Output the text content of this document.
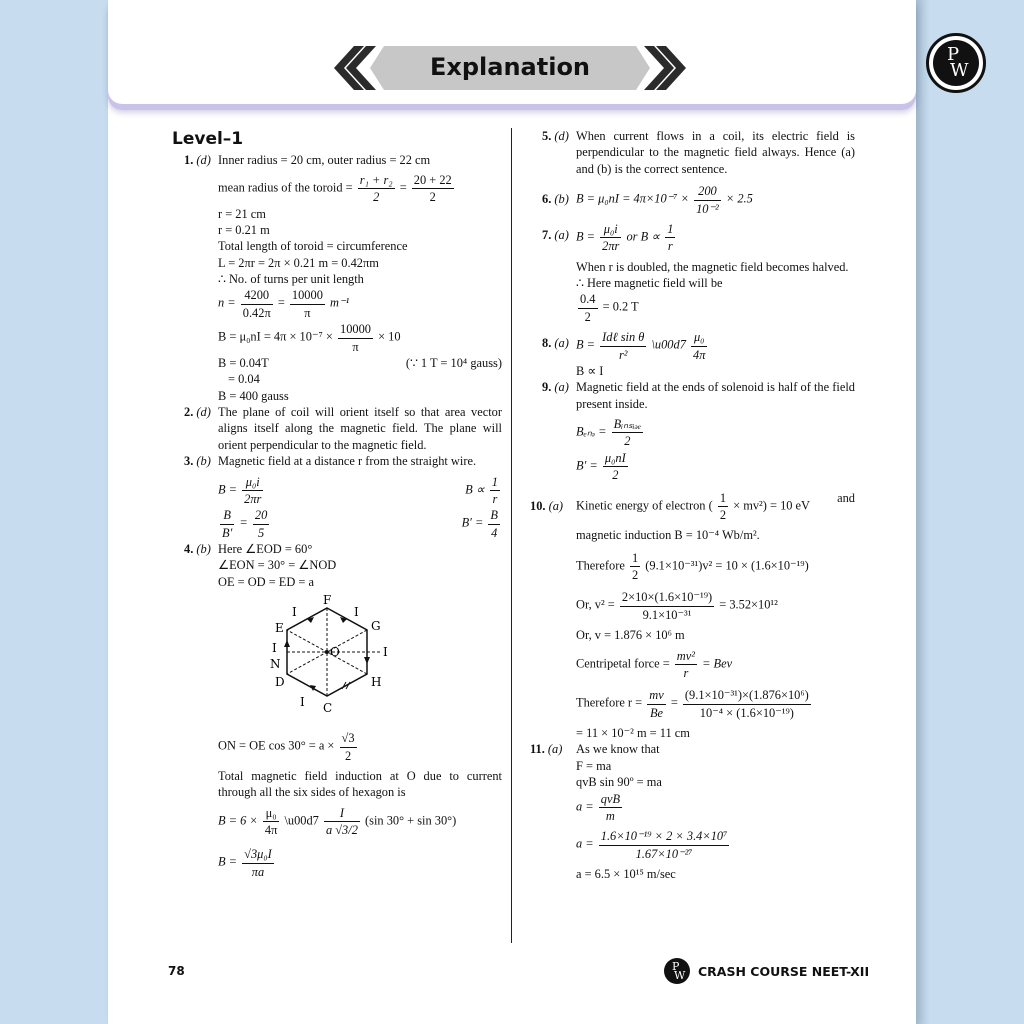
Explanation	P
W
Level–1
1. (d) Inner radius = 20 cm, outer radius = 22 cm
mean radius of the toroid = $\frac{\text{r₁ + r₂}}{2} = \frac{20 + 22}{2}$
r = 21 cm
r = 0.21 m
Total length of toroid = circumference
L = 2πr = 2π × 0.21 m = 0.42πm
∴ No. of turns per unit length
$n = \frac{4200}{0.42\pi} = \frac{10000}{\pi} m^{-1}$
$B = \mu_0nI = 4\pi \times 10^{-7} \times \frac{10000}{\pi} \times 10$
B = 0.04T	(∵ 1 T = 10⁴ gauss)
= 0.04
B = 400 gauss
2. (d) The plane of coil will orient itself so that area vector aligns itself along the magnetic field. The plane will orient perpendicular to the magnetic field.
3. (b) Magnetic field at a distance r from the straight wire.
$B = \frac{\text{μ₀i}}{2\pi r}$	$B \propto \frac{1}{r}$
$\frac{B}{B'} = \frac{20}{5}$	$B' = \frac{B}{4}$
4. (b) Here ∠EOD = 60°
∠EON = 30° = ∠NOD
OE = OD = ED = a
F
I
G
I
H
C
I
D
N
I
E
I
O
ON = OE $\cos 30^\circ = a \times \frac{√3}{2}$
Total magnetic field induction at O due to current through all the six sides of hexagon is
$B = 6 \times \frac{\text{μ₀}}{4\pi}$ \u00d7 $\frac{I}{a √3/2} (\sin$ 30° + sin 30°)
$B = \frac{\text{√3μ₀I}}{\pi a}$
5. (d) When current flows in a coil, its electric field is perpendicular to the magnetic field always. Hence (a) and (b) is the correct sentence.
6. (b) $B = \mu_0nI = 4\pi\times 10^{-7} \times \frac{200}{\text{10⁻²}} \times 2.5$
7. (a) $B = \frac{\text{μ₀i}}{2\pi r}$ or $B \propto \frac{1}{r}$
When r is doubled, the magnetic field becomes halved.
∴ Here magnetic field will be
$\frac{0.4}{2} = 0.2$ T
8. (a) $B = \frac{\text{Idℓ sin θ}}{\text{r²}}$ \u00d7 $\frac{\text{μ₀}}{4\pi}$
B ∝ I
9. (a) Magnetic field at the ends of solenoid is half of the field present inside.
Bₑₙₔ = $\frac{\text{Bᵢₙₛᵢₔₑ}}{2}$
$B' = \frac{\text{μ₀nI}}{2}$
10. (a) Kinetic energy of electron ( $\frac{1}{2} \times mv^2) = 10$ eV
and
magnetic induction B = 10⁻⁴ Wb/m².
Therefore $\frac{1}{2} (9.1\times 10^{-31})v^2 = 10 \times (1.6\times 10^{-19})$
Or, $v^2 = \frac{\text{2×10×(1.6×10⁻¹⁹)}}{\text{9.1×10⁻³¹}} = 3.52\times 10^{12}$
Or, v = 1.876 × 10⁶ m
Centripetal force = $\frac{\text{mv²}}{r}$ = Bev
Therefore $r = \frac{mv}{Be} = \frac{\text{(9.1×10⁻³¹)×(1.876×10⁶)}}{\text{10⁻⁴ × (1.6×10⁻¹⁹)}}$
= 11 × 10⁻² m = 11 cm
11. (a) As we know that
F = ma
qvB sin 90º = ma
$a = \frac{\text{qvB}}{m}$
$a = \frac{\text{1.6×10⁻¹⁹ × 2 × 3.4×10⁷}}{\text{1.67×10⁻²⁷}}$
a = 6.5 × 10¹⁵ m/sec
78	P
W CRASH COURSE NEET-XII
